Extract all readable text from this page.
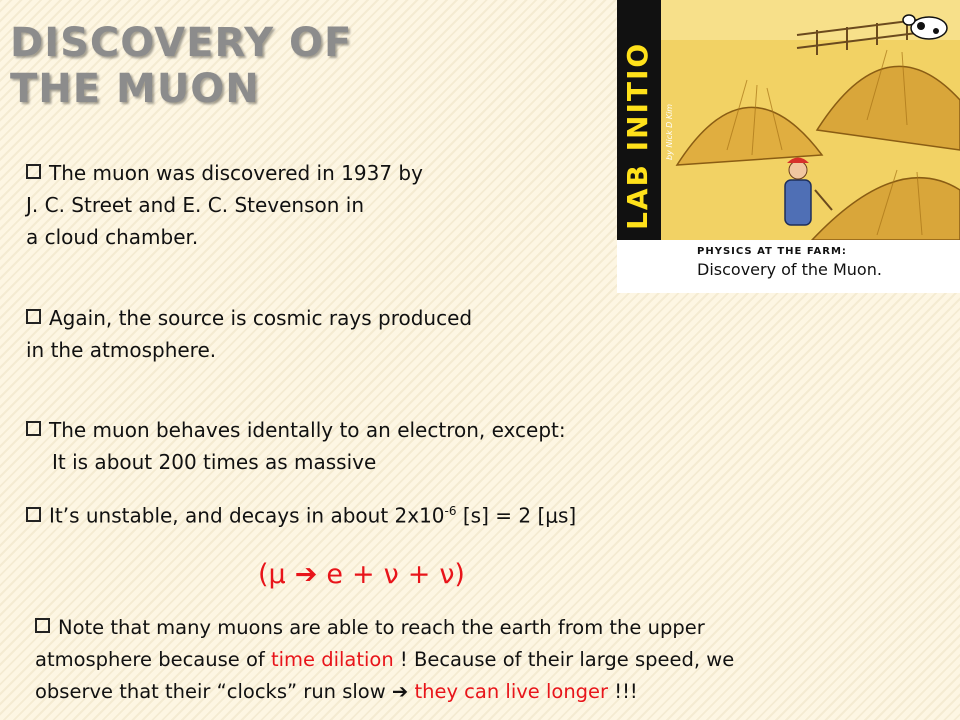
DISCOVERY OF
THE MUON

The muon was discovered in 1937 by
J. C. Street and E. C. Stevenson in
a cloud chamber.

Again, the source is cosmic rays produced
in the atmosphere.

The muon behaves identally to an electron, except:
It is about 200 times as massive

It’s unstable, and decays in about $2x10^{-6}$ [s] = 2 [μs]

(μ ➔ e + ν + ν)

Note that many muons are able to reach the earth from the upper
atmosphere because of time dilation ! Because of their large speed, we
observe that their “clocks” run slow ➔ they can live longer !!!

LAB INITIO	by Nick D Kim
PHYSICS AT THE FARM:
Discovery of the Muon.
